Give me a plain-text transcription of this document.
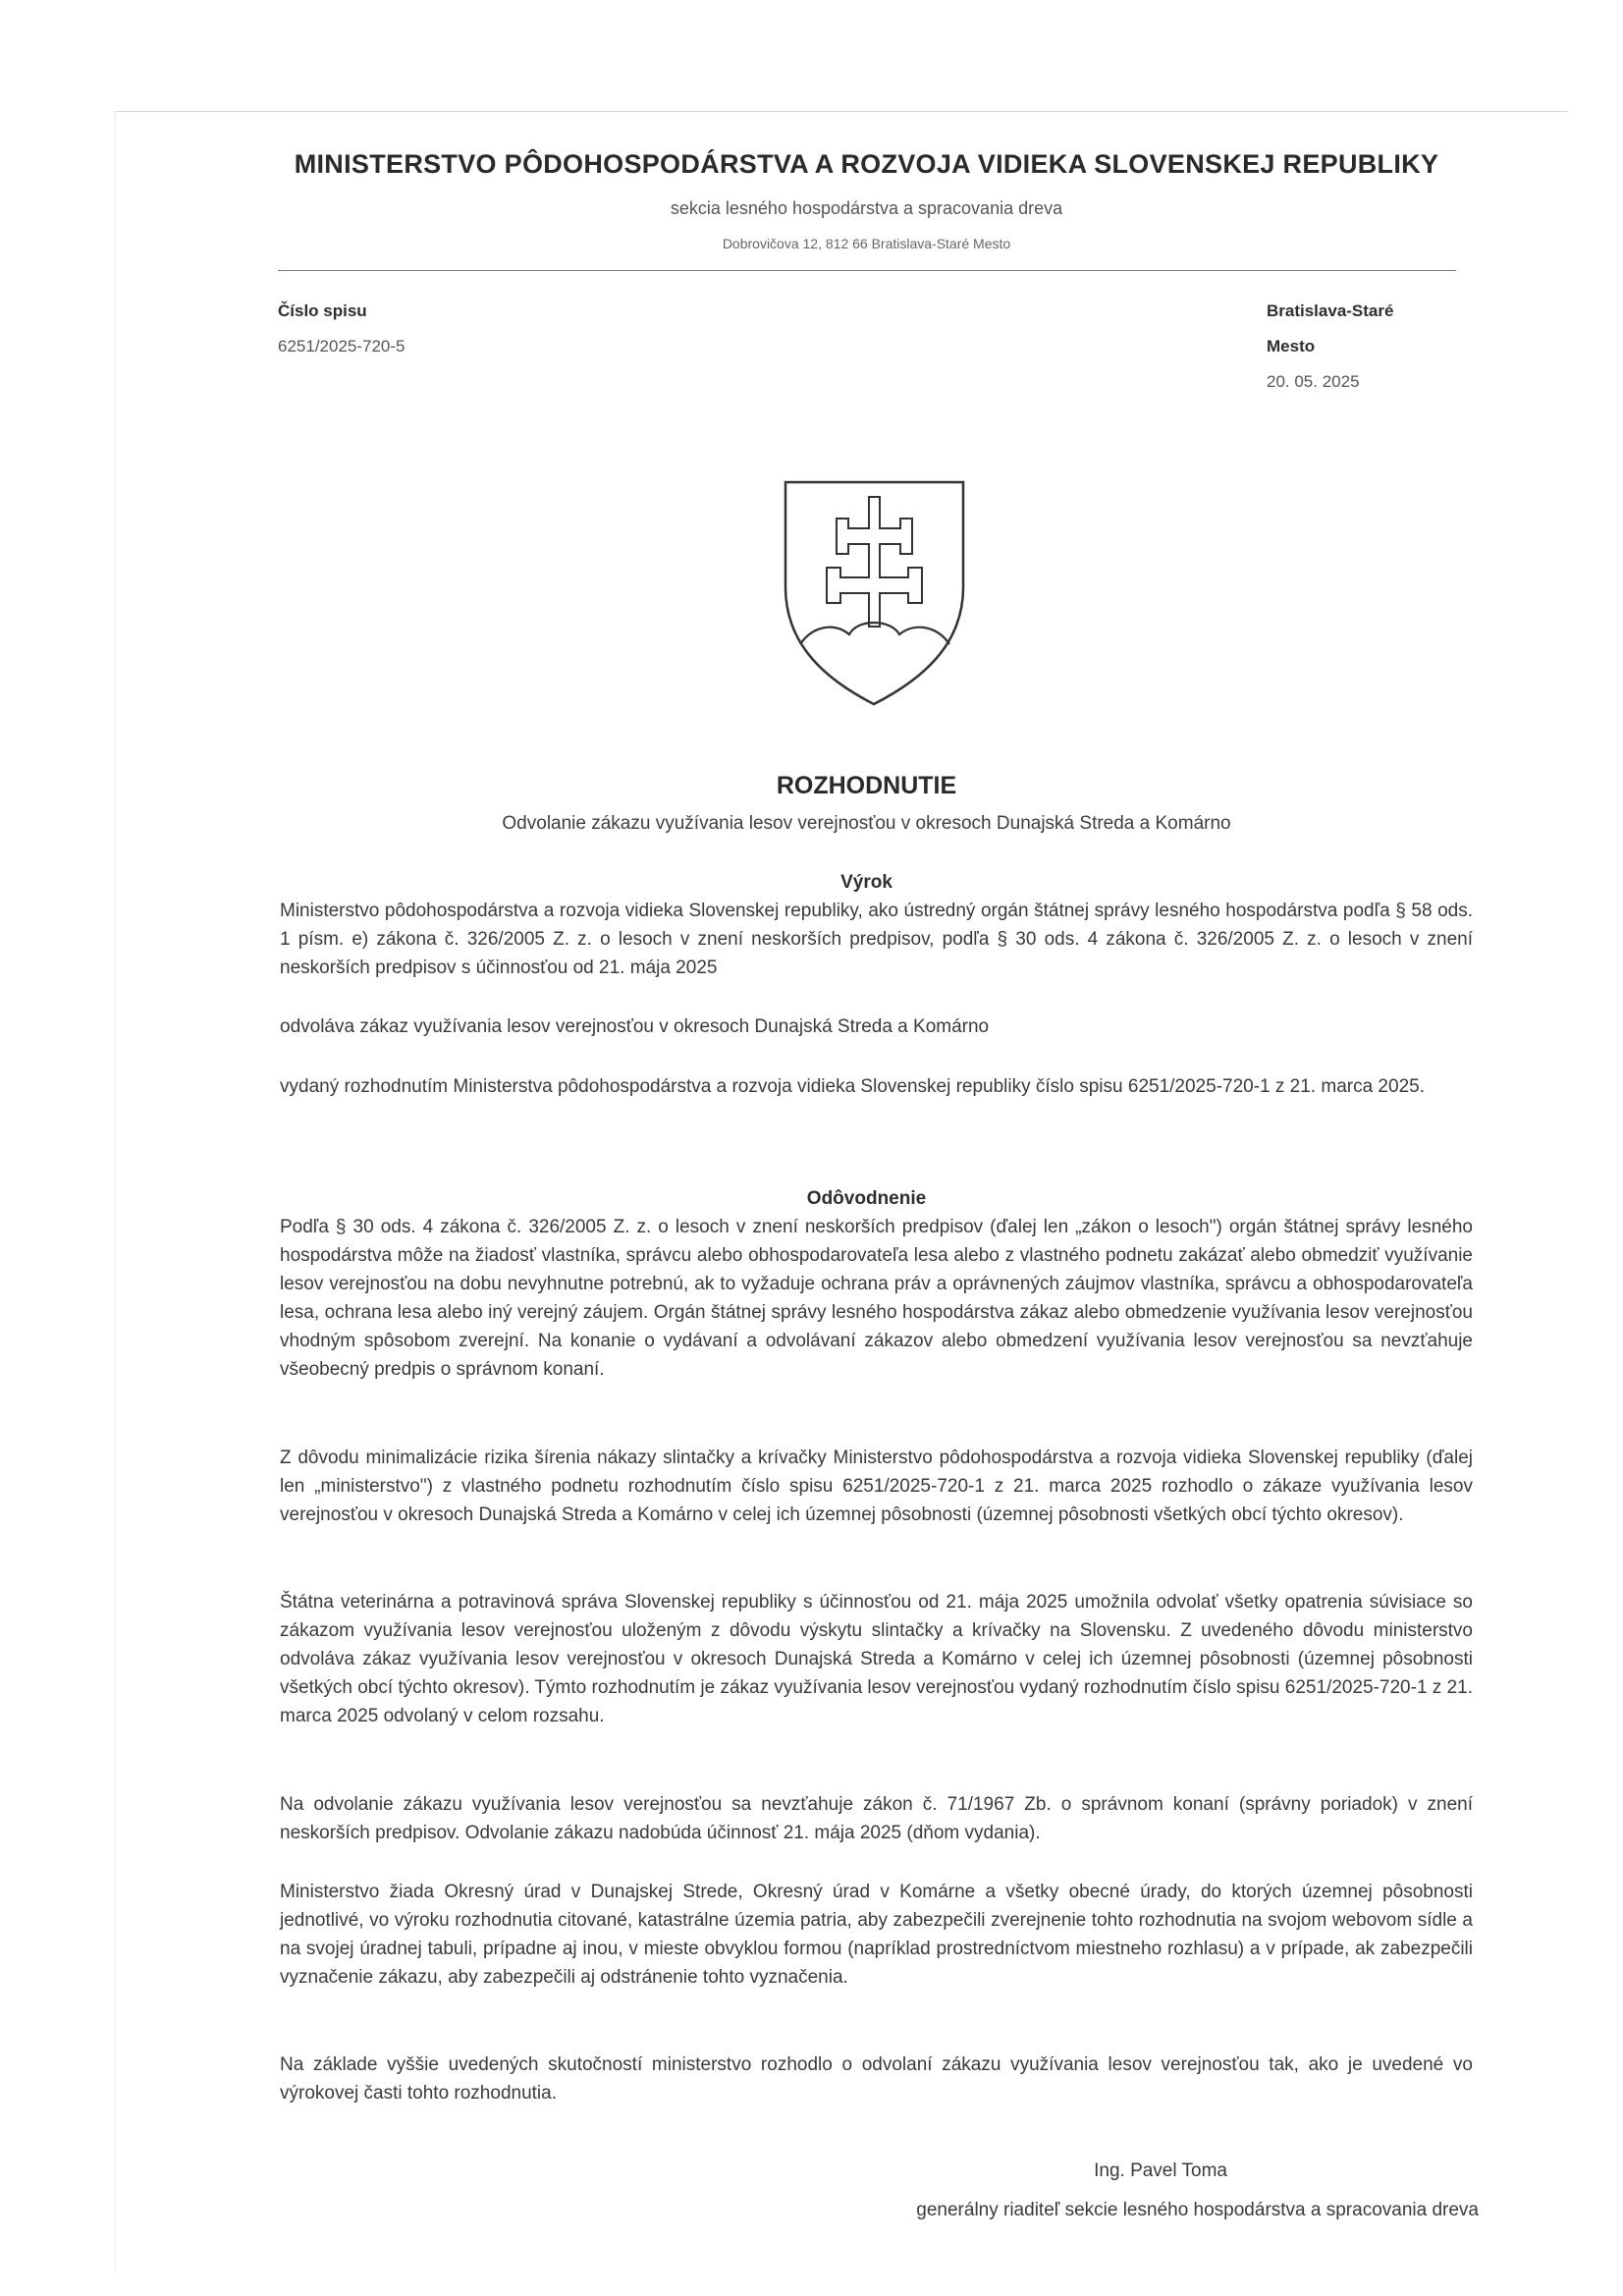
MINISTERSTVO PÔDOHOSPODÁRSTVA A ROZVOJA VIDIEKA SLOVENSKEJ REPUBLIKY
sekcia lesného hospodárstva a spracovania dreva
Dobrovičova 12, 812 66 Bratislava-Staré Mesto
Číslo spisu
6251/2025-720-5
Bratislava-Staré
Mesto
20. 05. 2025
ROZHODNUTIE
Odvolanie zákazu využívania lesov verejnosťou v okresoch Dunajská Streda a Komárno
Výrok
Ministerstvo pôdohospodárstva a rozvoja vidieka Slovenskej republiky, ako ústredný orgán štátnej správy lesného hospodárstva podľa § 58 ods. 1 písm. e) zákona č. 326/2005 Z. z. o lesoch v znení neskorších predpisov, podľa § 30 ods. 4 zákona č. 326/2005 Z. z. o lesoch v znení neskorších predpisov s účinnosťou od 21. mája 2025
odvoláva zákaz využívania lesov verejnosťou v okresoch Dunajská Streda a Komárno
vydaný rozhodnutím Ministerstva pôdohospodárstva a rozvoja vidieka Slovenskej republiky číslo spisu 6251/2025-720-1 z 21. marca 2025.
Odôvodnenie
Podľa § 30 ods. 4 zákona č. 326/2005 Z. z. o lesoch v znení neskorších predpisov (ďalej len „zákon o lesoch") orgán štátnej správy lesného hospodárstva môže na žiadosť vlastníka, správcu alebo obhospodarovateľa lesa alebo z vlastného podnetu zakázať alebo obmedziť využívanie lesov verejnosťou na dobu nevyhnutne potrebnú, ak to vyžaduje ochrana práv a oprávnených záujmov vlastníka, správcu a obhospodarovateľa lesa, ochrana lesa alebo iný verejný záujem. Orgán štátnej správy lesného hospodárstva zákaz alebo obmedzenie využívania lesov verejnosťou vhodným spôsobom zverejní. Na konanie o vydávaní a odvolávaní zákazov alebo obmedzení využívania lesov verejnosťou sa nevzťahuje všeobecný predpis o správnom konaní.
Z dôvodu minimalizácie rizika šírenia nákazy slintačky a krívačky Ministerstvo pôdohospodárstva a rozvoja vidieka Slovenskej republiky (ďalej len „ministerstvo") z vlastného podnetu rozhodnutím číslo spisu 6251/2025-720-1 z 21. marca 2025 rozhodlo o zákaze využívania lesov verejnosťou v okresoch Dunajská Streda a Komárno v celej ich územnej pôsobnosti (územnej pôsobnosti všetkých obcí týchto okresov).
Štátna veterinárna a potravinová správa Slovenskej republiky s účinnosťou od 21. mája 2025 umožnila odvolať všetky opatrenia súvisiace so zákazom využívania lesov verejnosťou uloženým z dôvodu výskytu slintačky a krívačky na Slovensku. Z uvedeného dôvodu ministerstvo odvoláva zákaz využívania lesov verejnosťou v okresoch Dunajská Streda a Komárno v celej ich územnej pôsobnosti (územnej pôsobnosti všetkých obcí týchto okresov). Týmto rozhodnutím je zákaz využívania lesov verejnosťou vydaný rozhodnutím číslo spisu 6251/2025-720-1 z 21. marca 2025 odvolaný v celom rozsahu.
Na odvolanie zákazu využívania lesov verejnosťou sa nevzťahuje zákon č. 71/1967 Zb. o správnom konaní (správny poriadok) v znení neskorších predpisov. Odvolanie zákazu nadobúda účinnosť 21. mája 2025 (dňom vydania).
Ministerstvo žiada Okresný úrad v Dunajskej Strede, Okresný úrad v Komárne a všetky obecné úrady, do ktorých územnej pôsobnosti jednotlivé, vo výroku rozhodnutia citované, katastrálne územia patria, aby zabezpečili zverejnenie tohto rozhodnutia na svojom webovom sídle a na svojej úradnej tabuli, prípadne aj inou, v mieste obvyklou formou (napríklad prostredníctvom miestneho rozhlasu) a v prípade, ak zabezpečili vyznačenie zákazu, aby zabezpečili aj odstránenie tohto vyznačenia.
Na základe vyššie uvedených skutočností ministerstvo rozhodlo o odvolaní zákazu využívania lesov verejnosťou tak, ako je uvedené vo výrokovej časti tohto rozhodnutia.
Ing. Pavel Toma
generálny riaditeľ sekcie lesného hospodárstva a spracovania dreva
